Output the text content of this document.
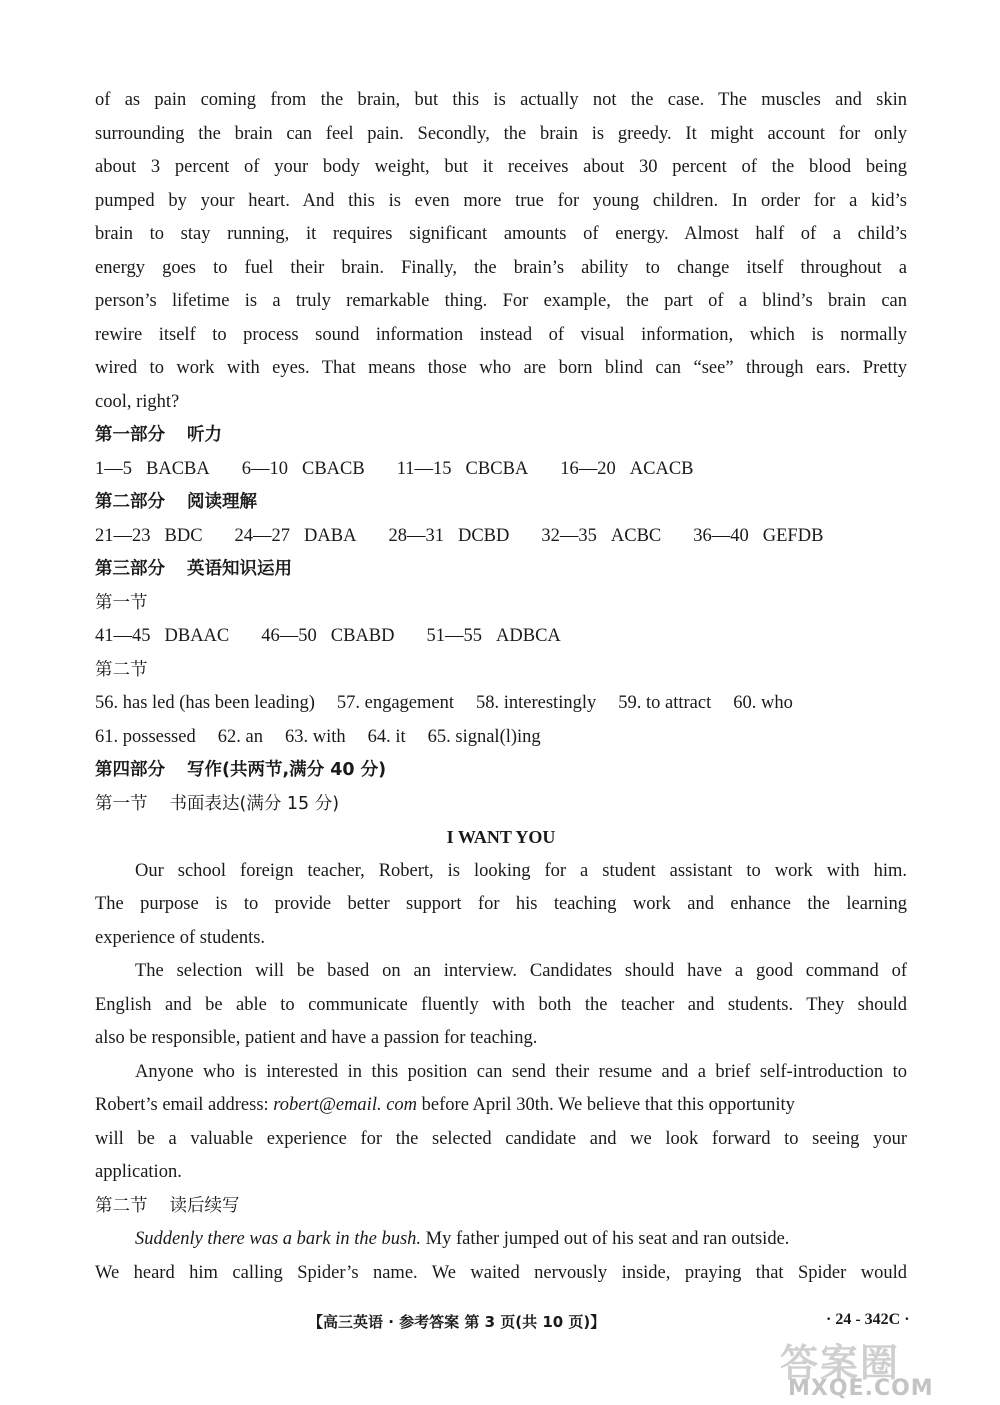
of as pain coming from the brain, but this is actually not the case. The muscles and skin
surrounding the brain can feel pain. Secondly, the brain is greedy. It might account for only
about 3 percent of your body weight, but it receives about 30 percent of the blood being
pumped by your heart. And this is even more true for young children. In order for a kid’s
brain to stay running, it requires significant amounts of energy. Almost half of a child’s
energy goes to fuel their brain. Finally, the brain’s ability to change itself throughout a
person’s lifetime is a truly remarkable thing. For example, the part of a blind’s brain can
rewire itself to process sound information instead of visual information, which is normally
wired to work with eyes. That means those who are born blind can “see” through ears. Pretty
cool, right?
第一部分 听力
1—5 BACBA 6—10 CBACB 11—15 CBCBA 16—20 ACACB
第二部分 阅读理解
21—23 BDC 24—27 DABA 28—31 DCBD 32—35 ACBC 36—40 GEFDB
第三部分 英语知识运用
第一节
41—45 DBAAC 46—50 CBABD 51—55 ADBCA
第二节
56. has led (has been leading) 57. engagement 58. interestingly 59. to attract 60. who
61. possessed 62. an 63. with 64. it 65. signal(l)ing
第四部分 写作(共两节,满分 40 分)
第一节 书面表达(满分 15 分)
I WANT YOU
Our school foreign teacher, Robert, is looking for a student assistant to work with him.
The purpose is to provide better support for his teaching work and enhance the learning
experience of students.
The selection will be based on an interview. Candidates should have a good command of
English and be able to communicate fluently with both the teacher and students. They should
also be responsible, patient and have a passion for teaching.
Anyone who is interested in this position can send their resume and a brief self-introduction to
Robert’s email address: robert@email. com before April 30th. We believe that this opportunity
will be a valuable experience for the selected candidate and we look forward to seeing your
application.
第二节 读后续写
Suddenly there was a bark in the bush. My father jumped out of his seat and ran outside.
We heard him calling Spider’s name. We waited nervously inside, praying that Spider would
【高三英语 · 参考答案 第 3 页(共 10 页)】	· 24 - 342C ·
答案圈
MXQE.COM
